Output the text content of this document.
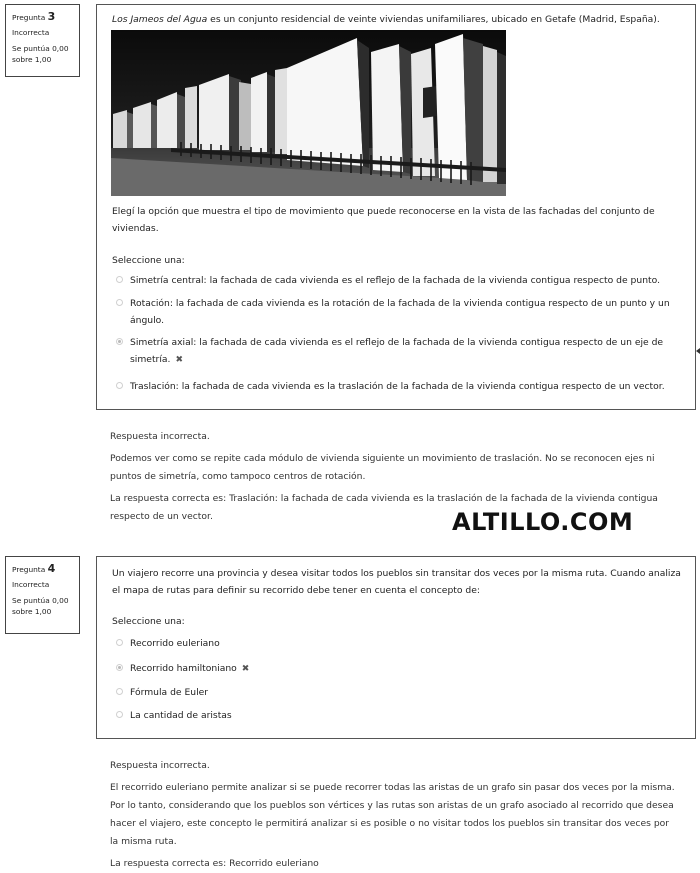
Pregunta 3
Incorrecta
Se puntúa 0,00 sobre 1,00
Los Jameos del Agua es un conjunto residencial de veinte viviendas unifamiliares, ubicado en Getafe (Madrid, España).
Elegí la opción que muestra el tipo de movimiento que puede reconocerse en la vista de las fachadas del conjunto de viviendas.
Seleccione una:
Simetría central: la fachada de cada vivienda es el reflejo de la fachada de la vivienda contigua respecto de punto.
Rotación: la fachada de cada vivienda es la rotación de la fachada de la vivienda contigua respecto de un punto y un ángulo.
Simetría axial: la fachada de cada vivienda es el reflejo de la fachada de la vivienda contigua respecto de un eje de simetría. ✖
Traslación: la fachada de cada vivienda es la traslación de la fachada de la vivienda contigua respecto de un vector.
Respuesta incorrecta.
Podemos ver como se repite cada módulo de vivienda siguiente un movimiento de traslación. No se reconocen ejes ni puntos de simetría, como tampoco centros de rotación.
La respuesta correcta es: Traslación: la fachada de cada vivienda es la traslación de la fachada de la vivienda contigua respecto de un vector.	ALTILLO.COM
Pregunta 4
Incorrecta
Se puntúa 0,00 sobre 1,00
Un viajero recorre una provincia y desea visitar todos los pueblos sin transitar dos veces por la misma ruta. Cuando analiza el mapa de rutas para definir su recorrido debe tener en cuenta el concepto de:
Seleccione una:
Recorrido euleriano
Recorrido hamiltoniano ✖
Fórmula de Euler
La cantidad de aristas
Respuesta incorrecta.
El recorrido euleriano permite analizar si se puede recorrer todas las aristas de un grafo sin pasar dos veces por la misma. Por lo tanto, considerando que los pueblos son vértices y las rutas son aristas de un grafo asociado al recorrido que desea hacer el viajero, este concepto le permitirá analizar si es posible o no visitar todos los pueblos sin transitar dos veces por la misma ruta.
La respuesta correcta es: Recorrido euleriano
